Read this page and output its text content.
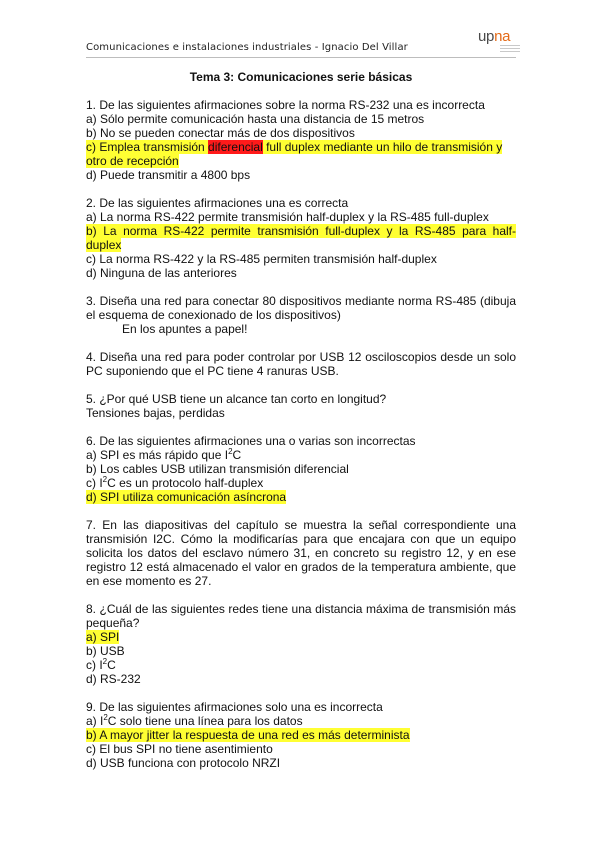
Comunicaciones e instalaciones industriales - Ignacio Del Villar
upna
Tema 3: Comunicaciones serie básicas

1. De las siguientes afirmaciones sobre la norma RS-232 una es incorrecta

a) Sólo permite comunicación hasta una distancia de 15 metros

b) No se pueden conectar más de dos dispositivos

c) Emplea transmisión diferencial full duplex mediante un hilo de transmisión y otro de recepción

d) Puede transmitir a 4800 bps

2. De las siguientes afirmaciones una es correcta

a) La norma RS-422 permite transmisión half-duplex y la RS-485 full-duplex

b) La norma RS-422 permite transmisión full-duplex y la RS-485 para half-duplex

c) La norma RS-422 y la RS-485 permiten transmisión half-duplex

d) Ninguna de las anteriores

3. Diseña una red para conectar 80 dispositivos mediante norma RS-485 (dibuja el esquema de conexionado de los dispositivos)

En los apuntes a papel!

4. Diseña una red para poder controlar por USB 12 osciloscopios desde un solo PC suponiendo que el PC tiene 4 ranuras USB.

5. ¿Por qué USB tiene un alcance tan corto en longitud?

Tensiones bajas, perdidas

6. De las siguientes afirmaciones una o varias son incorrectas

a) SPI es más rápido que $I^2C$

b) Los cables USB utilizan transmisión diferencial

c) $I^2C$ es un protocolo half-duplex

d) SPI utiliza comunicación asíncrona

7. En las diapositivas del capítulo se muestra la señal correspondiente una transmisión I2C. Cómo la modificarías para que encajara con que un equipo solicita los datos del esclavo número 31, en concreto su registro 12, y en ese registro 12 está almacenado el valor en grados de la temperatura ambiente, que en ese momento es 27.

8. ¿Cuál de las siguientes redes tiene una distancia máxima de transmisión más pequeña?

a) SPI

b) USB

c) $I^2C$

d) RS-232

9. De las siguientes afirmaciones solo una es incorrecta

a) $I^2C$ solo tiene una línea para los datos

b) A mayor jitter la respuesta de una red es más determinista

c) El bus SPI no tiene asentimiento

d) USB funciona con protocolo NRZI
